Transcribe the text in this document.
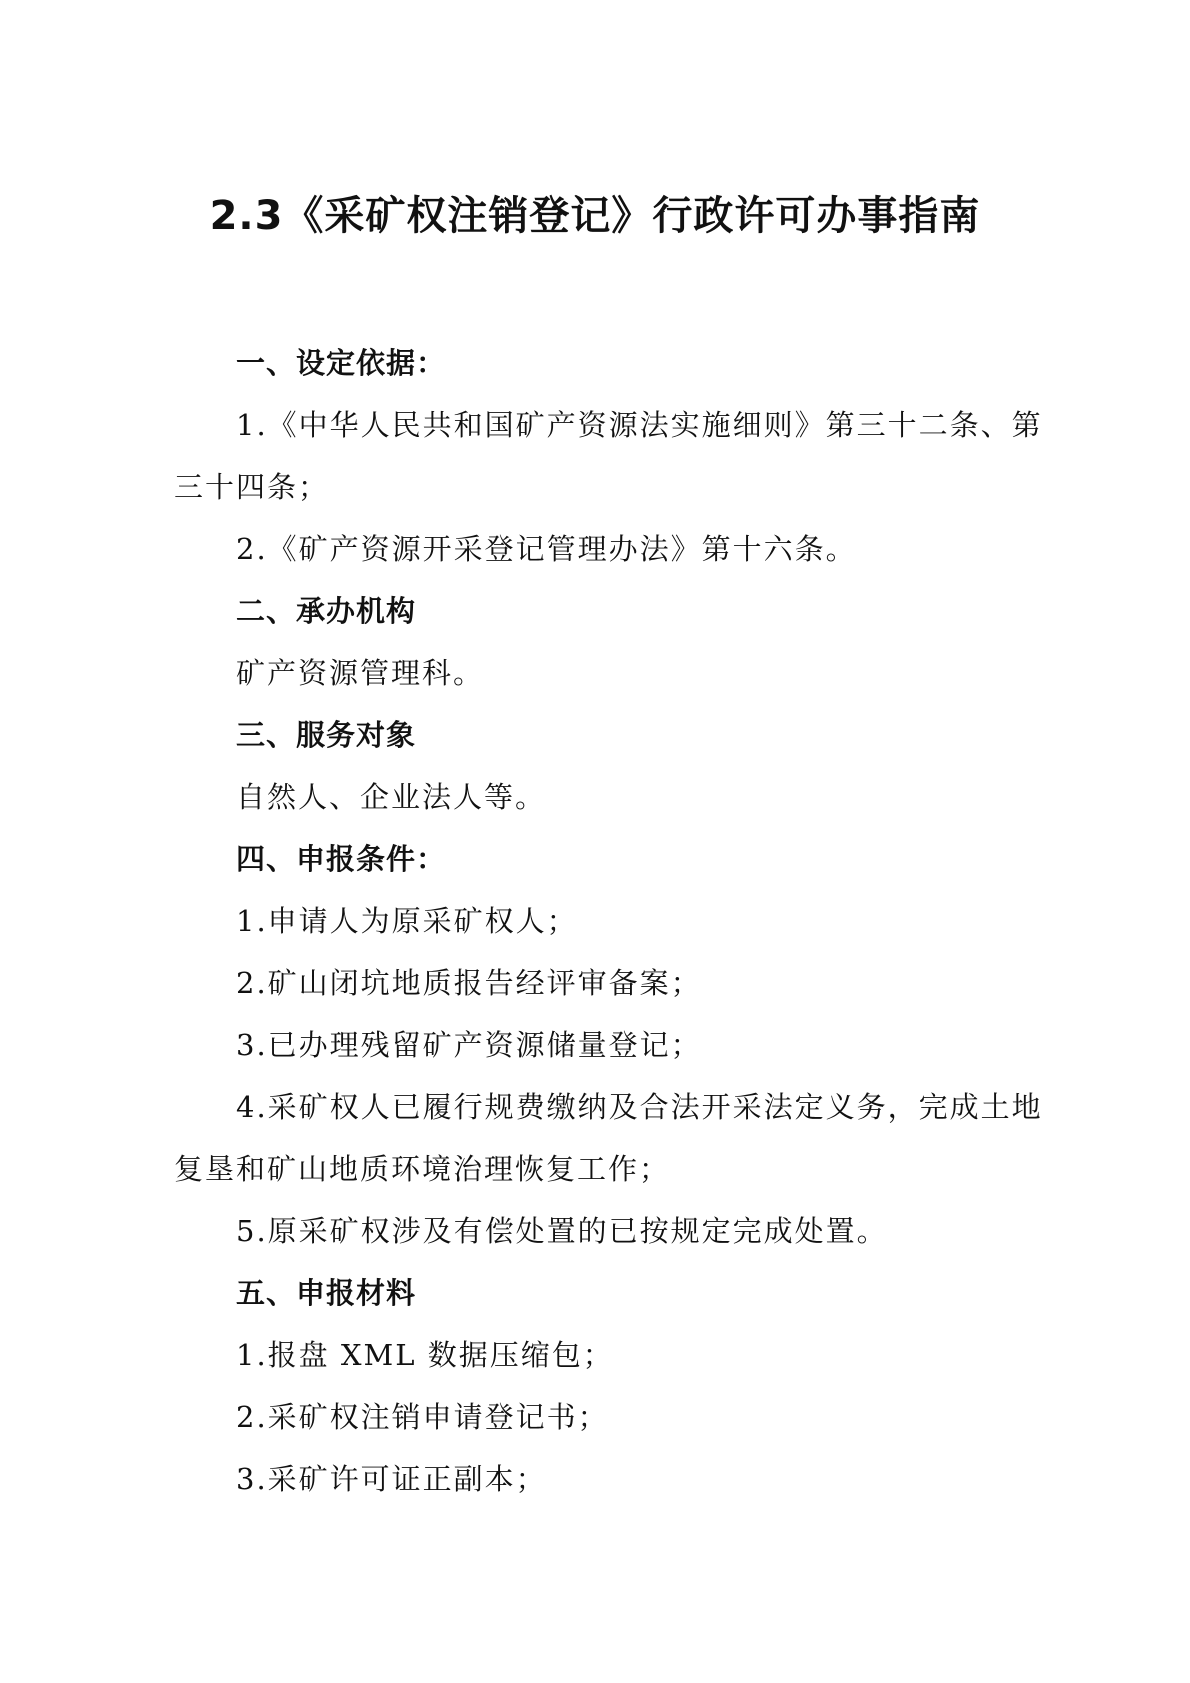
2.3《采矿权注销登记》行政许可办事指南

一、设定依据：

1.《中华人民共和国矿产资源法实施细则》第三十二条、第三十四条；

2.《矿产资源开采登记管理办法》第十六条。

二、承办机构

矿产资源管理科。

三、服务对象

自然人、企业法人等。

四、申报条件：

1.申请人为原采矿权人；

2.矿山闭坑地质报告经评审备案；

3.已办理残留矿产资源储量登记；

4.采矿权人已履行规费缴纳及合法开采法定义务，完成土地复垦和矿山地质环境治理恢复工作；

5.原采矿权涉及有偿处置的已按规定完成处置。

五、申报材料

1.报盘 XML 数据压缩包；

2.采矿权注销申请登记书；

3.采矿许可证正副本；
